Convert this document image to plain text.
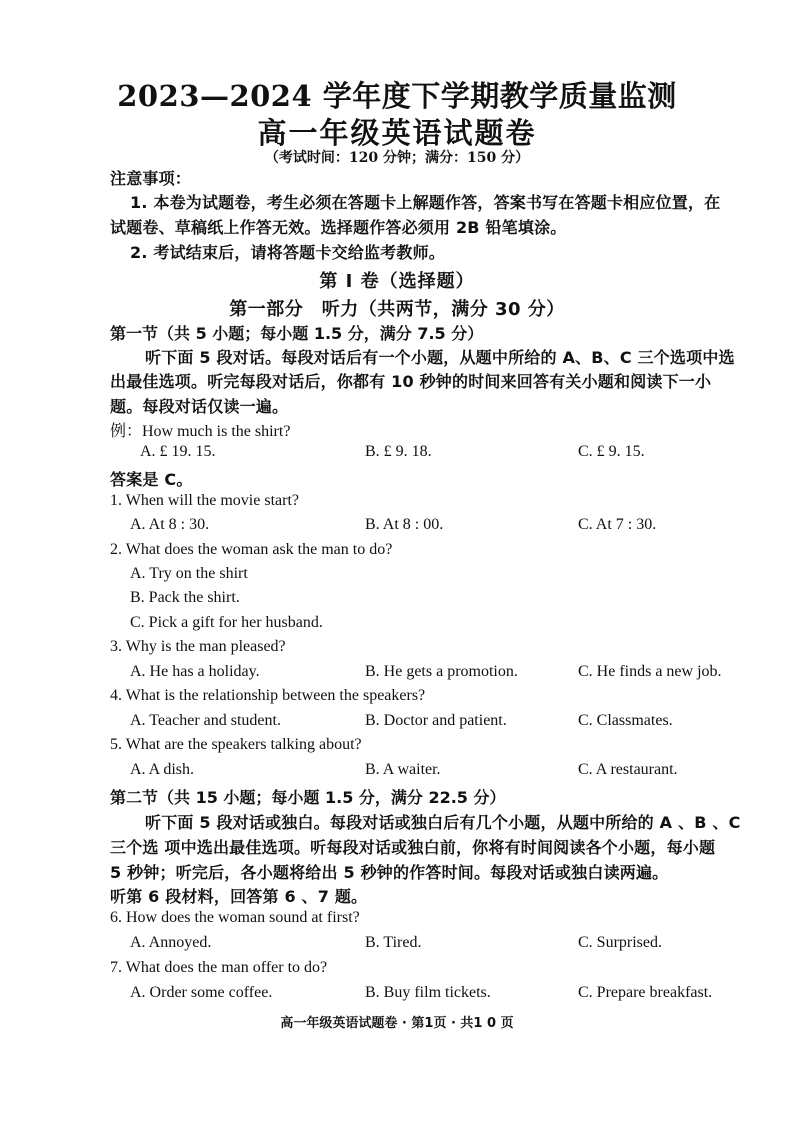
2023—2024 学年度下学期教学质量监测
高一年级英语试题卷
（考试时间：120 分钟；满分：150 分）
注意事项：
1. 本卷为试题卷，考生必须在答题卡上解题作答，答案书写在答题卡相应位置，在
试题卷、草稿纸上作答无效。选择题作答必须用 2B 铅笔填涂。
2. 考试结束后，请将答题卡交给监考教师。
第 Ⅰ 卷（选择题）
第一部分　听力（共两节，满分 30 分）
第一节（共 5 小题；每小题 1.5 分，满分 7.5 分）
听下面 5 段对话。每段对话后有一个小题，从题中所给的 A、B、C 三个选项中选
出最佳选项。听完每段对话后，你都有 10 秒钟的时间来回答有关小题和阅读下一小
题。每段对话仅读一遍。
例：How much is the shirt?
A. £ 19. 15.	B. £ 9. 18.	C. £ 9. 15.
答案是 C。
1. When will the movie start?
A. At 8 : 30.	B. At 8 : 00.	C. At 7 : 30.
2. What does the woman ask the man to do?
A. Try on the shirt
B. Pack the shirt.
C. Pick a gift for her husband.
3. Why is the man pleased?
A. He has a holiday.	B. He gets a promotion.	C. He finds a new job.
4. What is the relationship between the speakers?
A. Teacher and student.	B. Doctor and patient.	C. Classmates.
5. What are the speakers talking about?
A. A dish.	B. A waiter.	C. A restaurant.
第二节（共 15 小题；每小题 1.5 分，满分 22.5 分）
听下面 5 段对话或独白。每段对话或独白后有几个小题，从题中所给的 A 、B 、C
三个选 项中选出最佳选项。听每段对话或独白前，你将有时间阅读各个小题，每小题
5 秒钟；听完后，各小题将给出 5 秒钟的作答时间。每段对话或独白读两遍。
听第 6 段材料，回答第 6 、7 题。
6. How does the woman sound at first?
A. Annoyed.	B. Tired.	C. Surprised.
7. What does the man offer to do?
A. Order some coffee.	B. Buy film tickets.	C. Prepare breakfast.
高一年级英语试题卷 · 第1页 · 共1 0 页
